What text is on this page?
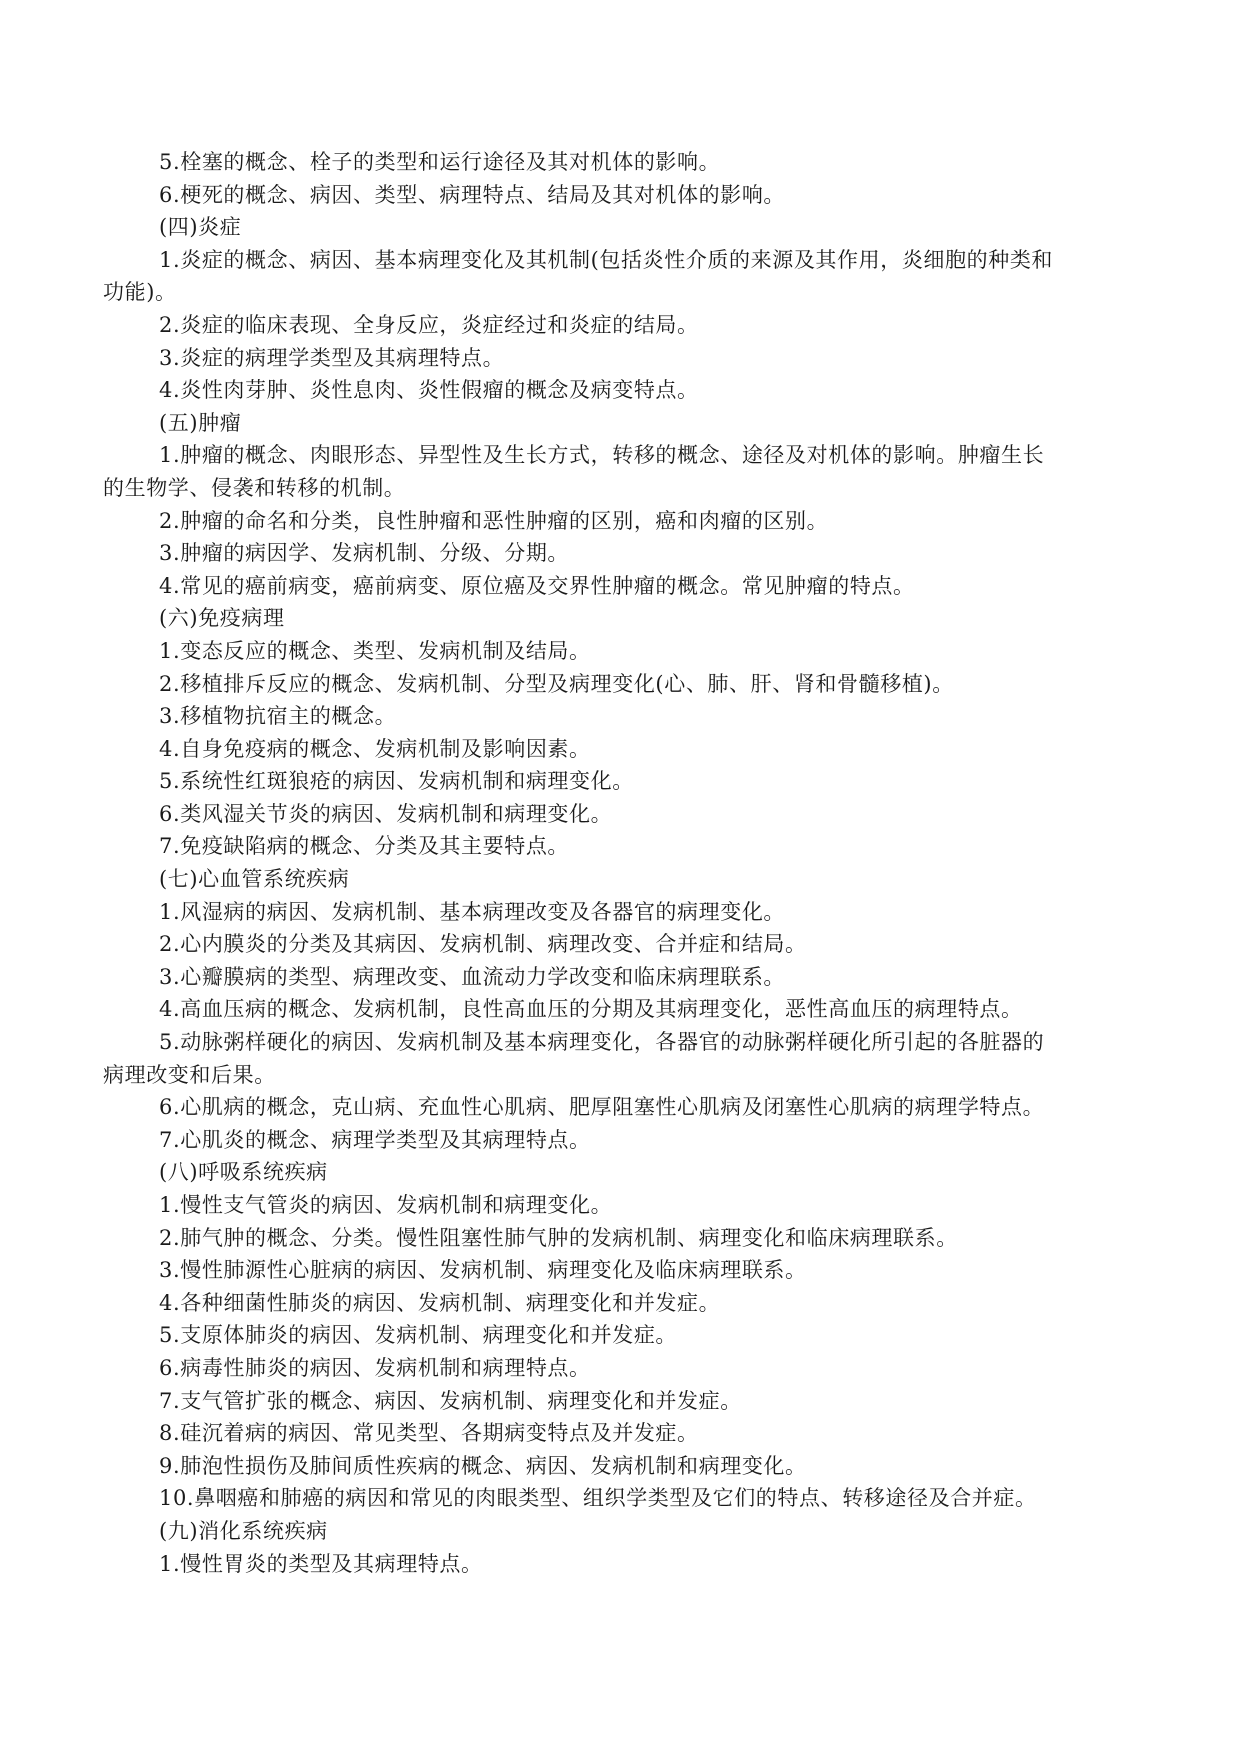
5.栓塞的概念、栓子的类型和运行途径及其对机体的影响。
6.梗死的概念、病因、类型、病理特点、结局及其对机体的影响。
(四)炎症
1.炎症的概念、病因、基本病理变化及其机制(包括炎性介质的来源及其作用，炎细胞的种类和
功能)。
2.炎症的临床表现、全身反应，炎症经过和炎症的结局。
3.炎症的病理学类型及其病理特点。
4.炎性肉芽肿、炎性息肉、炎性假瘤的概念及病变特点。
(五)肿瘤
1.肿瘤的概念、肉眼形态、异型性及生长方式，转移的概念、途径及对机体的影响。肿瘤生长
的生物学、侵袭和转移的机制。
2.肿瘤的命名和分类，良性肿瘤和恶性肿瘤的区别，癌和肉瘤的区别。
3.肿瘤的病因学、发病机制、分级、分期。
4.常见的癌前病变，癌前病变、原位癌及交界性肿瘤的概念。常见肿瘤的特点。
(六)免疫病理
1.变态反应的概念、类型、发病机制及结局。
2.移植排斥反应的概念、发病机制、分型及病理变化(心、肺、肝、肾和骨髓移植)。
3.移植物抗宿主的概念。
4.自身免疫病的概念、发病机制及影响因素。
5.系统性红斑狼疮的病因、发病机制和病理变化。
6.类风湿关节炎的病因、发病机制和病理变化。
7.免疫缺陷病的概念、分类及其主要特点。
(七)心血管系统疾病
1.风湿病的病因、发病机制、基本病理改变及各器官的病理变化。
2.心内膜炎的分类及其病因、发病机制、病理改变、合并症和结局。
3.心瓣膜病的类型、病理改变、血流动力学改变和临床病理联系。
4.高血压病的概念、发病机制，良性高血压的分期及其病理变化，恶性高血压的病理特点。
5.动脉粥样硬化的病因、发病机制及基本病理变化，各器官的动脉粥样硬化所引起的各脏器的
病理改变和后果。
6.心肌病的概念，克山病、充血性心肌病、肥厚阻塞性心肌病及闭塞性心肌病的病理学特点。
7.心肌炎的概念、病理学类型及其病理特点。
(八)呼吸系统疾病
1.慢性支气管炎的病因、发病机制和病理变化。
2.肺气肿的概念、分类。慢性阻塞性肺气肿的发病机制、病理变化和临床病理联系。
3.慢性肺源性心脏病的病因、发病机制、病理变化及临床病理联系。
4.各种细菌性肺炎的病因、发病机制、病理变化和并发症。
5.支原体肺炎的病因、发病机制、病理变化和并发症。
6.病毒性肺炎的病因、发病机制和病理特点。
7.支气管扩张的概念、病因、发病机制、病理变化和并发症。
8.硅沉着病的病因、常见类型、各期病变特点及并发症。
9.肺泡性损伤及肺间质性疾病的概念、病因、发病机制和病理变化。
10.鼻咽癌和肺癌的病因和常见的肉眼类型、组织学类型及它们的特点、转移途径及合并症。
(九)消化系统疾病
1.慢性胃炎的类型及其病理特点。
